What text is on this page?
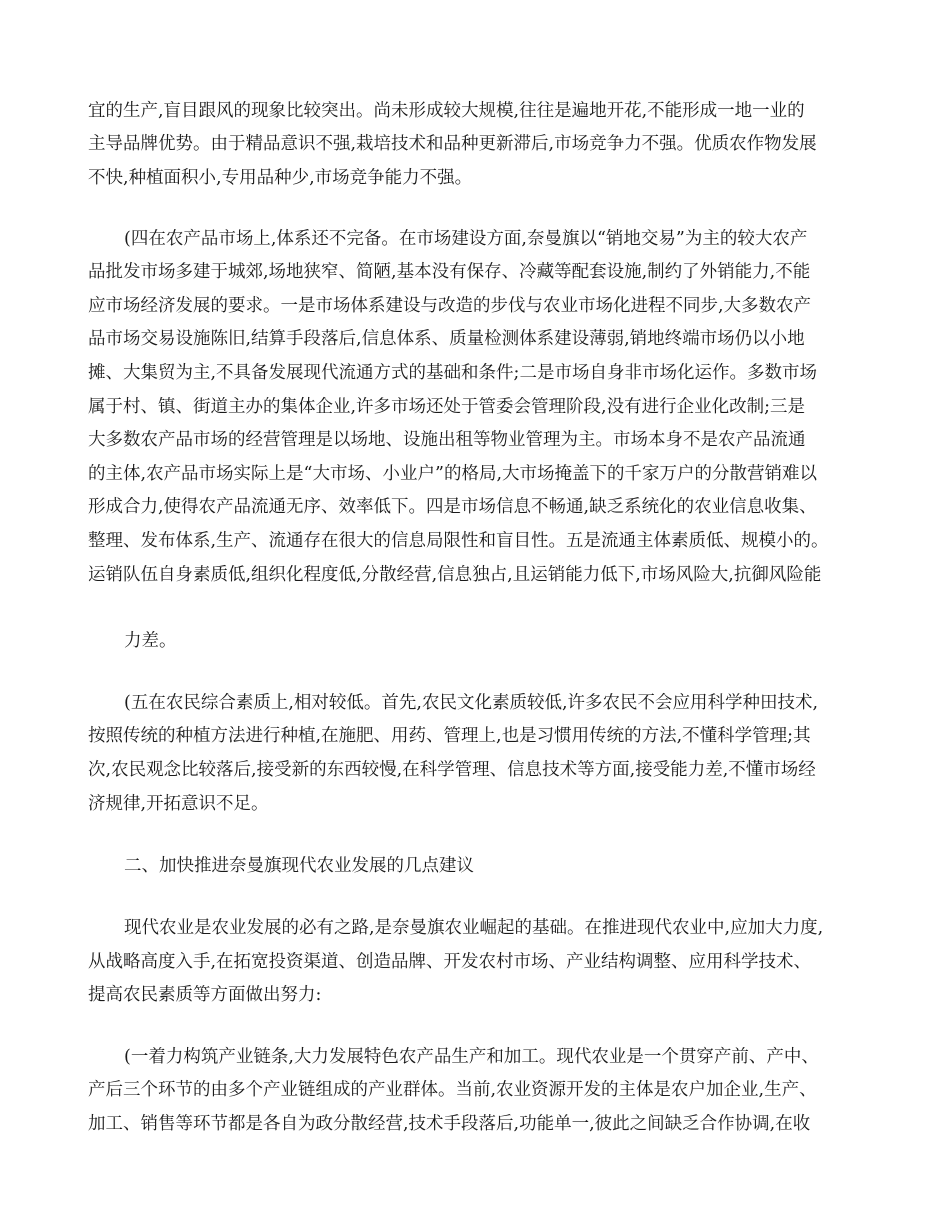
宜的生产,盲目跟风的现象比较突出。尚未形成较大规模,往往是遍地开花,不能形成一地一业的
主导品牌优势。由于精品意识不强,栽培技术和品种更新滞后,市场竞争力不强。优质农作物发展
不快,种植面积小,专用品种少,市场竞争能力不强。
(四在农产品市场上,体系还不完备。在市场建设方面,奈曼旗以“销地交易”为主的较大农产
品批发市场多建于城郊,场地狭窄、简陋,基本没有保存、冷藏等配套设施,制约了外销能力,不能
应市场经济发展的要求。一是市场体系建设与改造的步伐与农业市场化进程不同步,大多数农产
品市场交易设施陈旧,结算手段落后,信息体系、质量检测体系建设薄弱,销地终端市场仍以小地
摊、大集贸为主,不具备发展现代流通方式的基础和条件;二是市场自身非市场化运作。多数市场
属于村、镇、街道主办的集体企业,许多市场还处于管委会管理阶段,没有进行企业化改制;三是
大多数农产品市场的经营管理是以场地、设施出租等物业管理为主。市场本身不是农产品流通
的主体,农产品市场实际上是“大市场、小业户”的格局,大市场掩盖下的千家万户的分散营销难以
形成合力,使得农产品流通无序、效率低下。四是市场信息不畅通,缺乏系统化的农业信息收集、
整理、发布体系,生产、流通存在很大的信息局限性和盲目性。五是流通主体素质低、规模小的。
运销队伍自身素质低,组织化程度低,分散经营,信息独占,且运销能力低下,市场风险大,抗御风险能
力差。
(五在农民综合素质上,相对较低。首先,农民文化素质较低,许多农民不会应用科学种田技术,
按照传统的种植方法进行种植,在施肥、用药、管理上,也是习惯用传统的方法,不懂科学管理;其
次,农民观念比较落后,接受新的东西较慢,在科学管理、信息技术等方面,接受能力差,不懂市场经
济规律,开拓意识不足。
二、加快推进奈曼旗现代农业发展的几点建议
现代农业是农业发展的必有之路,是奈曼旗农业崛起的基础。在推进现代农业中,应加大力度,
从战略高度入手,在拓宽投资渠道、创造品牌、开发农村市场、产业结构调整、应用科学技术、
提高农民素质等方面做出努力:
(一着力构筑产业链条,大力发展特色农产品生产和加工。现代农业是一个贯穿产前、产中、
产后三个环节的由多个产业链组成的产业群体。当前,农业资源开发的主体是农户加企业,生产、
加工、销售等环节都是各自为政分散经营,技术手段落后,功能单一,彼此之间缺乏合作协调,在收
